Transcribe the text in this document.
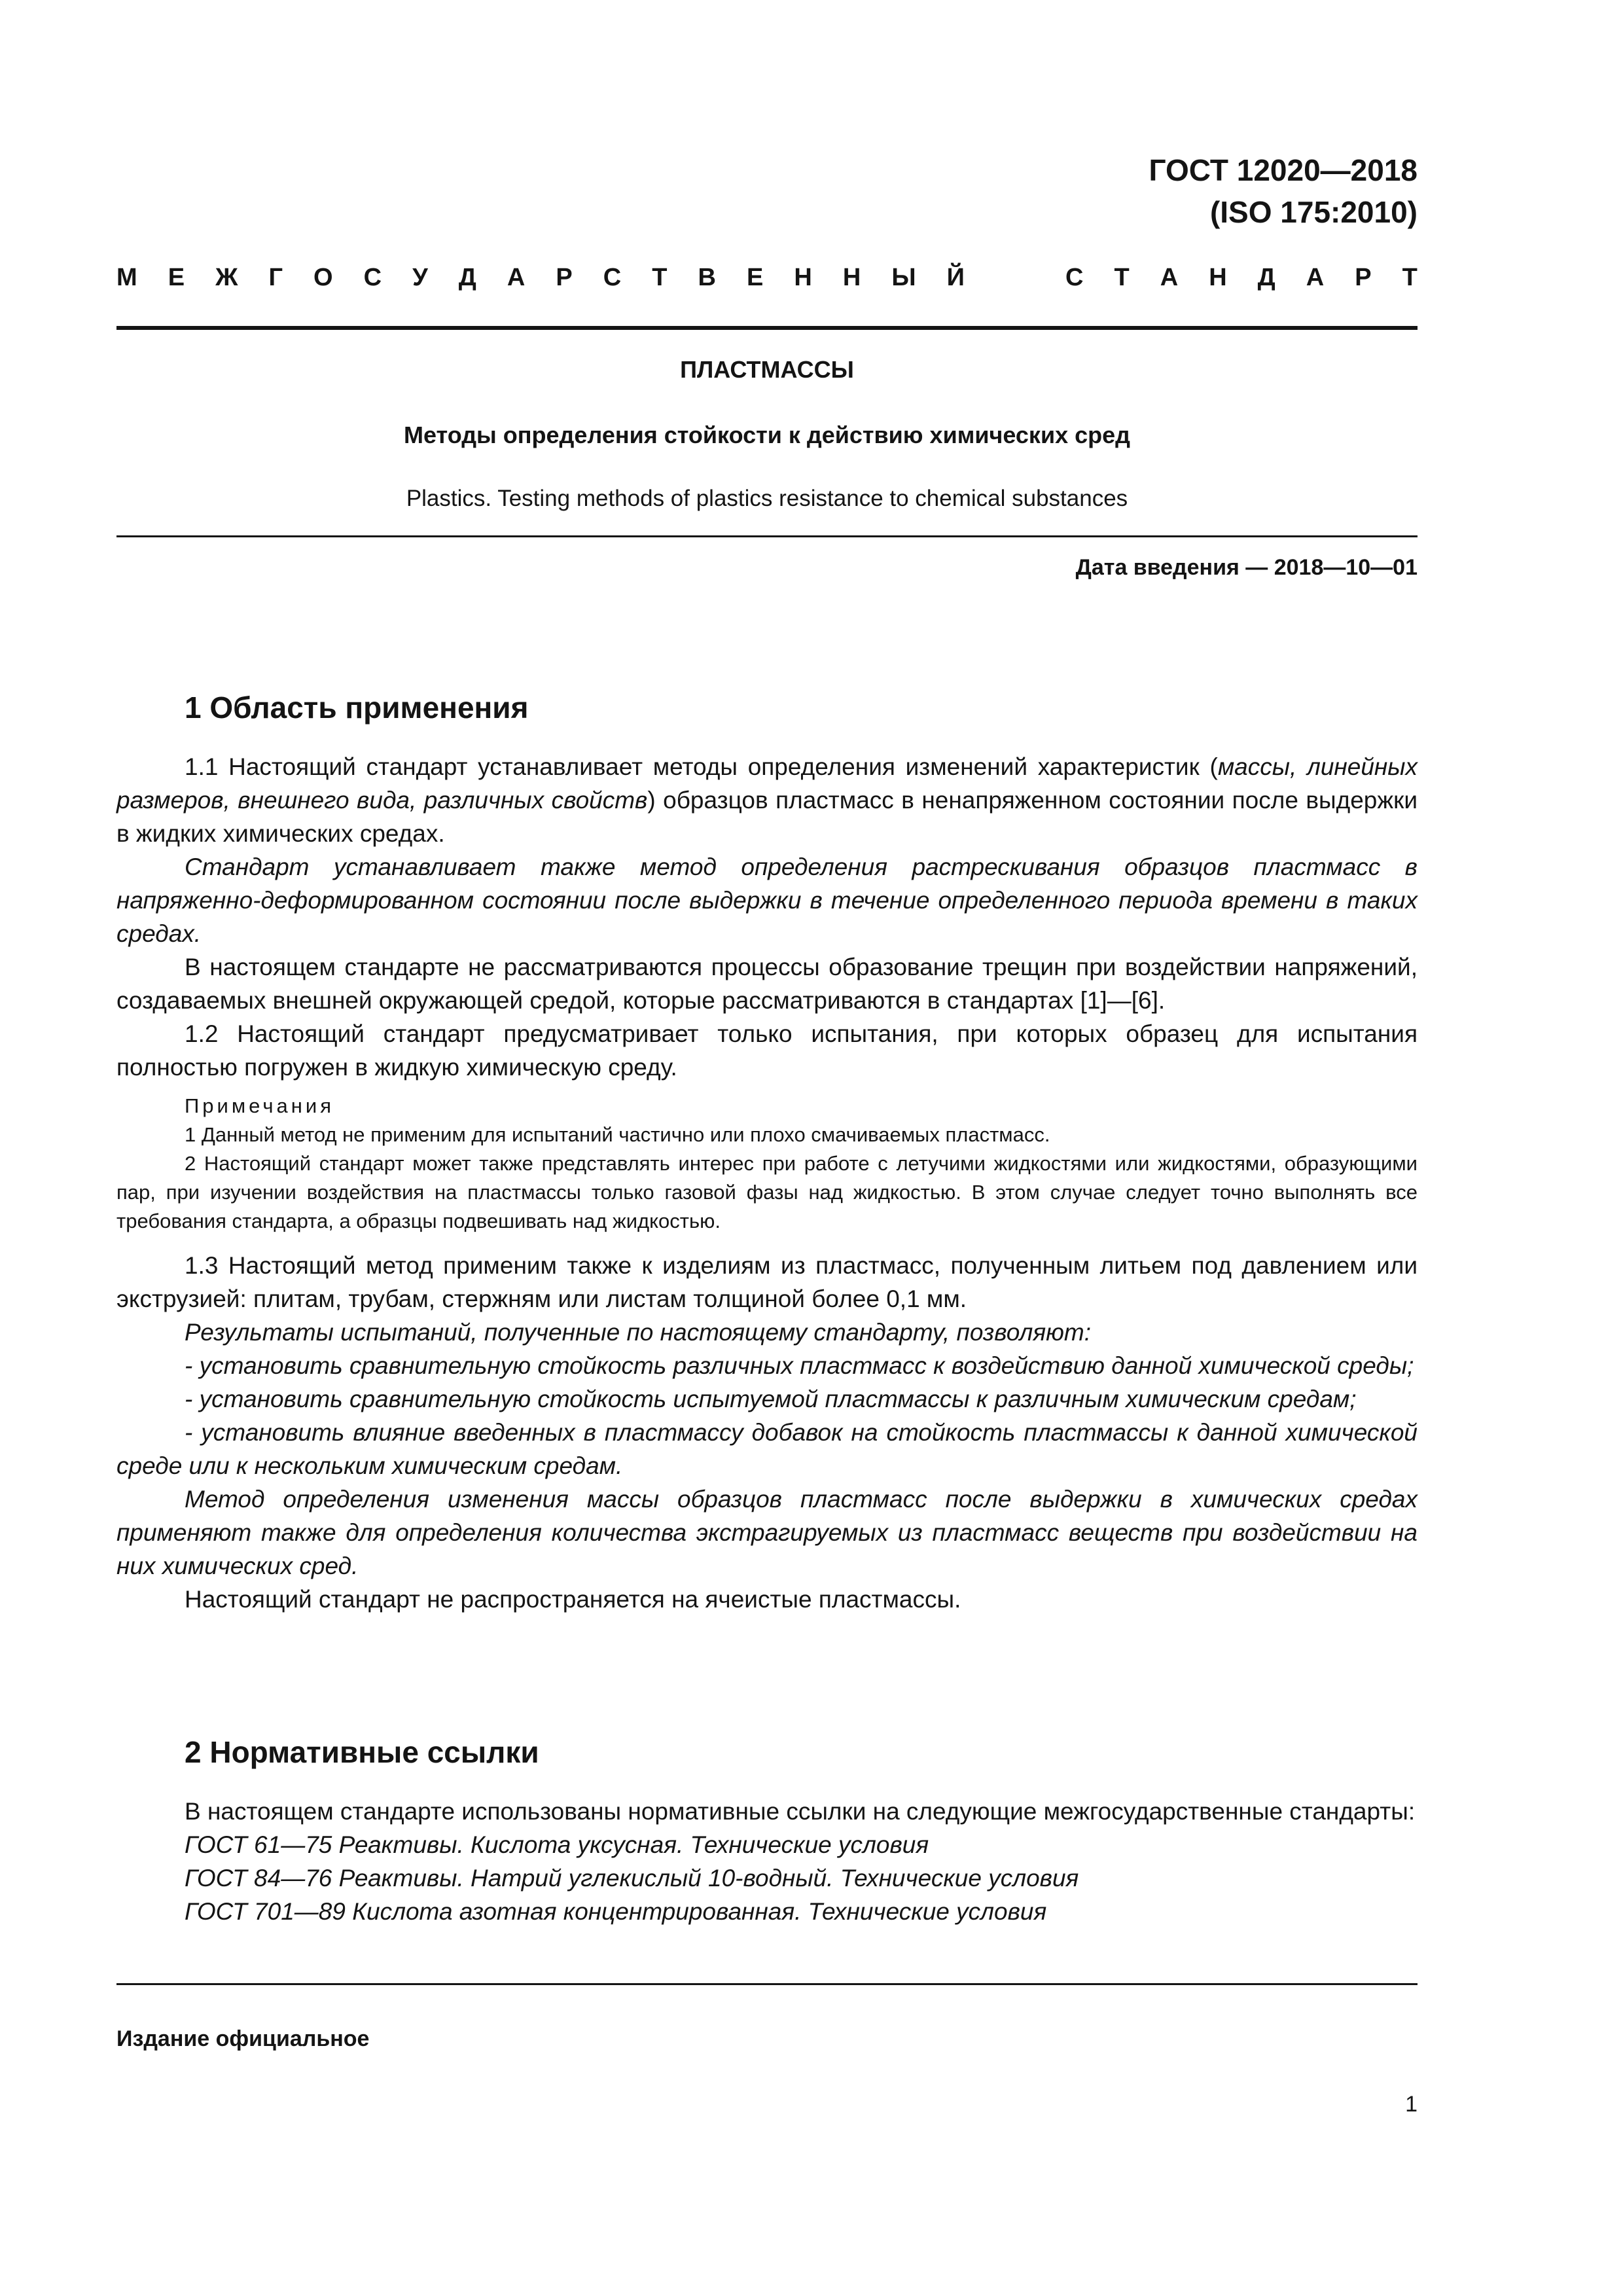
ГОСТ 12020—2018
(ISO 175:2010)
М Е Ж Г О С У Д А Р С Т В Е Н Н Ы Й	С Т А Н Д А Р Т
ПЛАСТМАССЫ
Методы определения стойкости к действию химических сред
Plastics. Testing methods of plastics resistance to chemical substances
Дата введения — 2018—10—01
1 Область применения

1.1 Настоящий стандарт устанавливает методы определения изменений характеристик (массы, линейных размеров, внешнего вида, различных свойств) образцов пластмасс в ненапряженном состоянии после выдержки в жидких химических средах.

Стандарт устанавливает также метод определения растрескивания образцов пластмасс в напряженно-деформированном состоянии после выдержки в течение определенного периода времени в таких средах.

В настоящем стандарте не рассматриваются процессы образование трещин при воздействии напряжений, создаваемых внешней окружающей средой, которые рассматриваются в стандартах [1]—[6].

1.2 Настоящий стандарт предусматривает только испытания, при которых образец для испытания полностью погружен в жидкую химическую среду.

Примечания

1 Данный метод не применим для испытаний частично или плохо смачиваемых пластмасс.

2 Настоящий стандарт может также представлять интерес при работе с летучими жидкостями или жидкостями, образующими пар, при изучении воздействия на пластмассы только газовой фазы над жидкостью. В этом случае следует точно выполнять все требования стандарта, а образцы подвешивать над жидкостью.

1.3 Настоящий метод применим также к изделиям из пластмасс, полученным литьем под давлением или экструзией: плитам, трубам, стержням или листам толщиной более 0,1 мм.

Результаты испытаний, полученные по настоящему стандарту, позволяют:

- установить сравнительную стойкость различных пластмасс к воздействию данной химической среды;

- установить сравнительную стойкость испытуемой пластмассы к различным химическим средам;

- установить влияние введенных в пластмассу добавок на стойкость пластмассы к данной химической среде или к нескольким химическим средам.

Метод определения изменения массы образцов пластмасс после выдержки в химических средах применяют также для определения количества экстрагируемых из пластмасс веществ при воздействии на них химических сред.

Настоящий стандарт не распространяется на ячеистые пластмассы.

2 Нормативные ссылки

В настоящем стандарте использованы нормативные ссылки на следующие межгосударственные стандарты:

ГОСТ 61—75 Реактивы. Кислота уксусная. Технические условия

ГОСТ 84—76 Реактивы. Натрий углекислый 10-водный. Технические условия

ГОСТ 701—89 Кислота азотная концентрированная. Технические условия

Издание официальное
1
